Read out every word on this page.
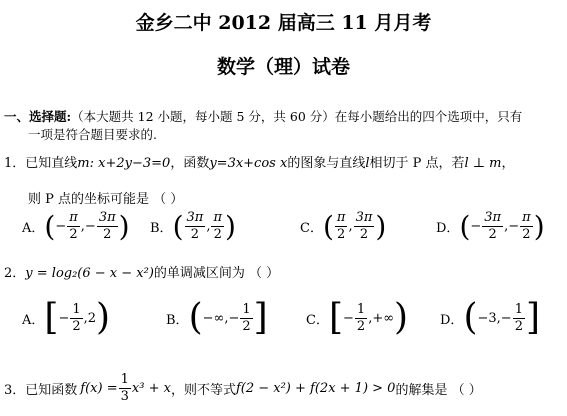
金乡二中 2012 届高三 11 月月考
数学（理）试卷
一、选择题:（本大题共 12 小题，每小题 5 分，共 60 分）在每小题给出的四个选项中，只有
一项是符合题目要求的.
1．已知直线m: x+2y−3=0，函数y=3x+cos x的图象与直线l相切于 P 点，若l ⊥ m，
则 P 点的坐标可能是 （ ）
A． ( − $\frac{\pi}{2}$ , − $\frac{3\pi}{2}$ ) B． ( $\frac{3\pi}{2}$ , $\frac{\pi}{2}$ )	C． ( $\frac{\pi}{2}$ , $\frac{3\pi}{2}$ )	D． ( − $\frac{3\pi}{2}$ , − $\frac{\pi}{2}$ )
2．y = log₂(6 − x − x²)的单调减区间为 （ ）
A． [ − $\frac{1}{2} ,2$ )	B． ( −∞,− $\frac{1}{2}$ ]	C． [ − $\frac{1}{2}$ ,+∞ ) D． ( $-3,- \frac{1}{2}$ ]
3． 已知函数 $f(x) = \frac{1}{3} x^3 + x$ ，则不等式 f(2 − x²) + f(2x + 1) > 0 的解集是 （ ）
